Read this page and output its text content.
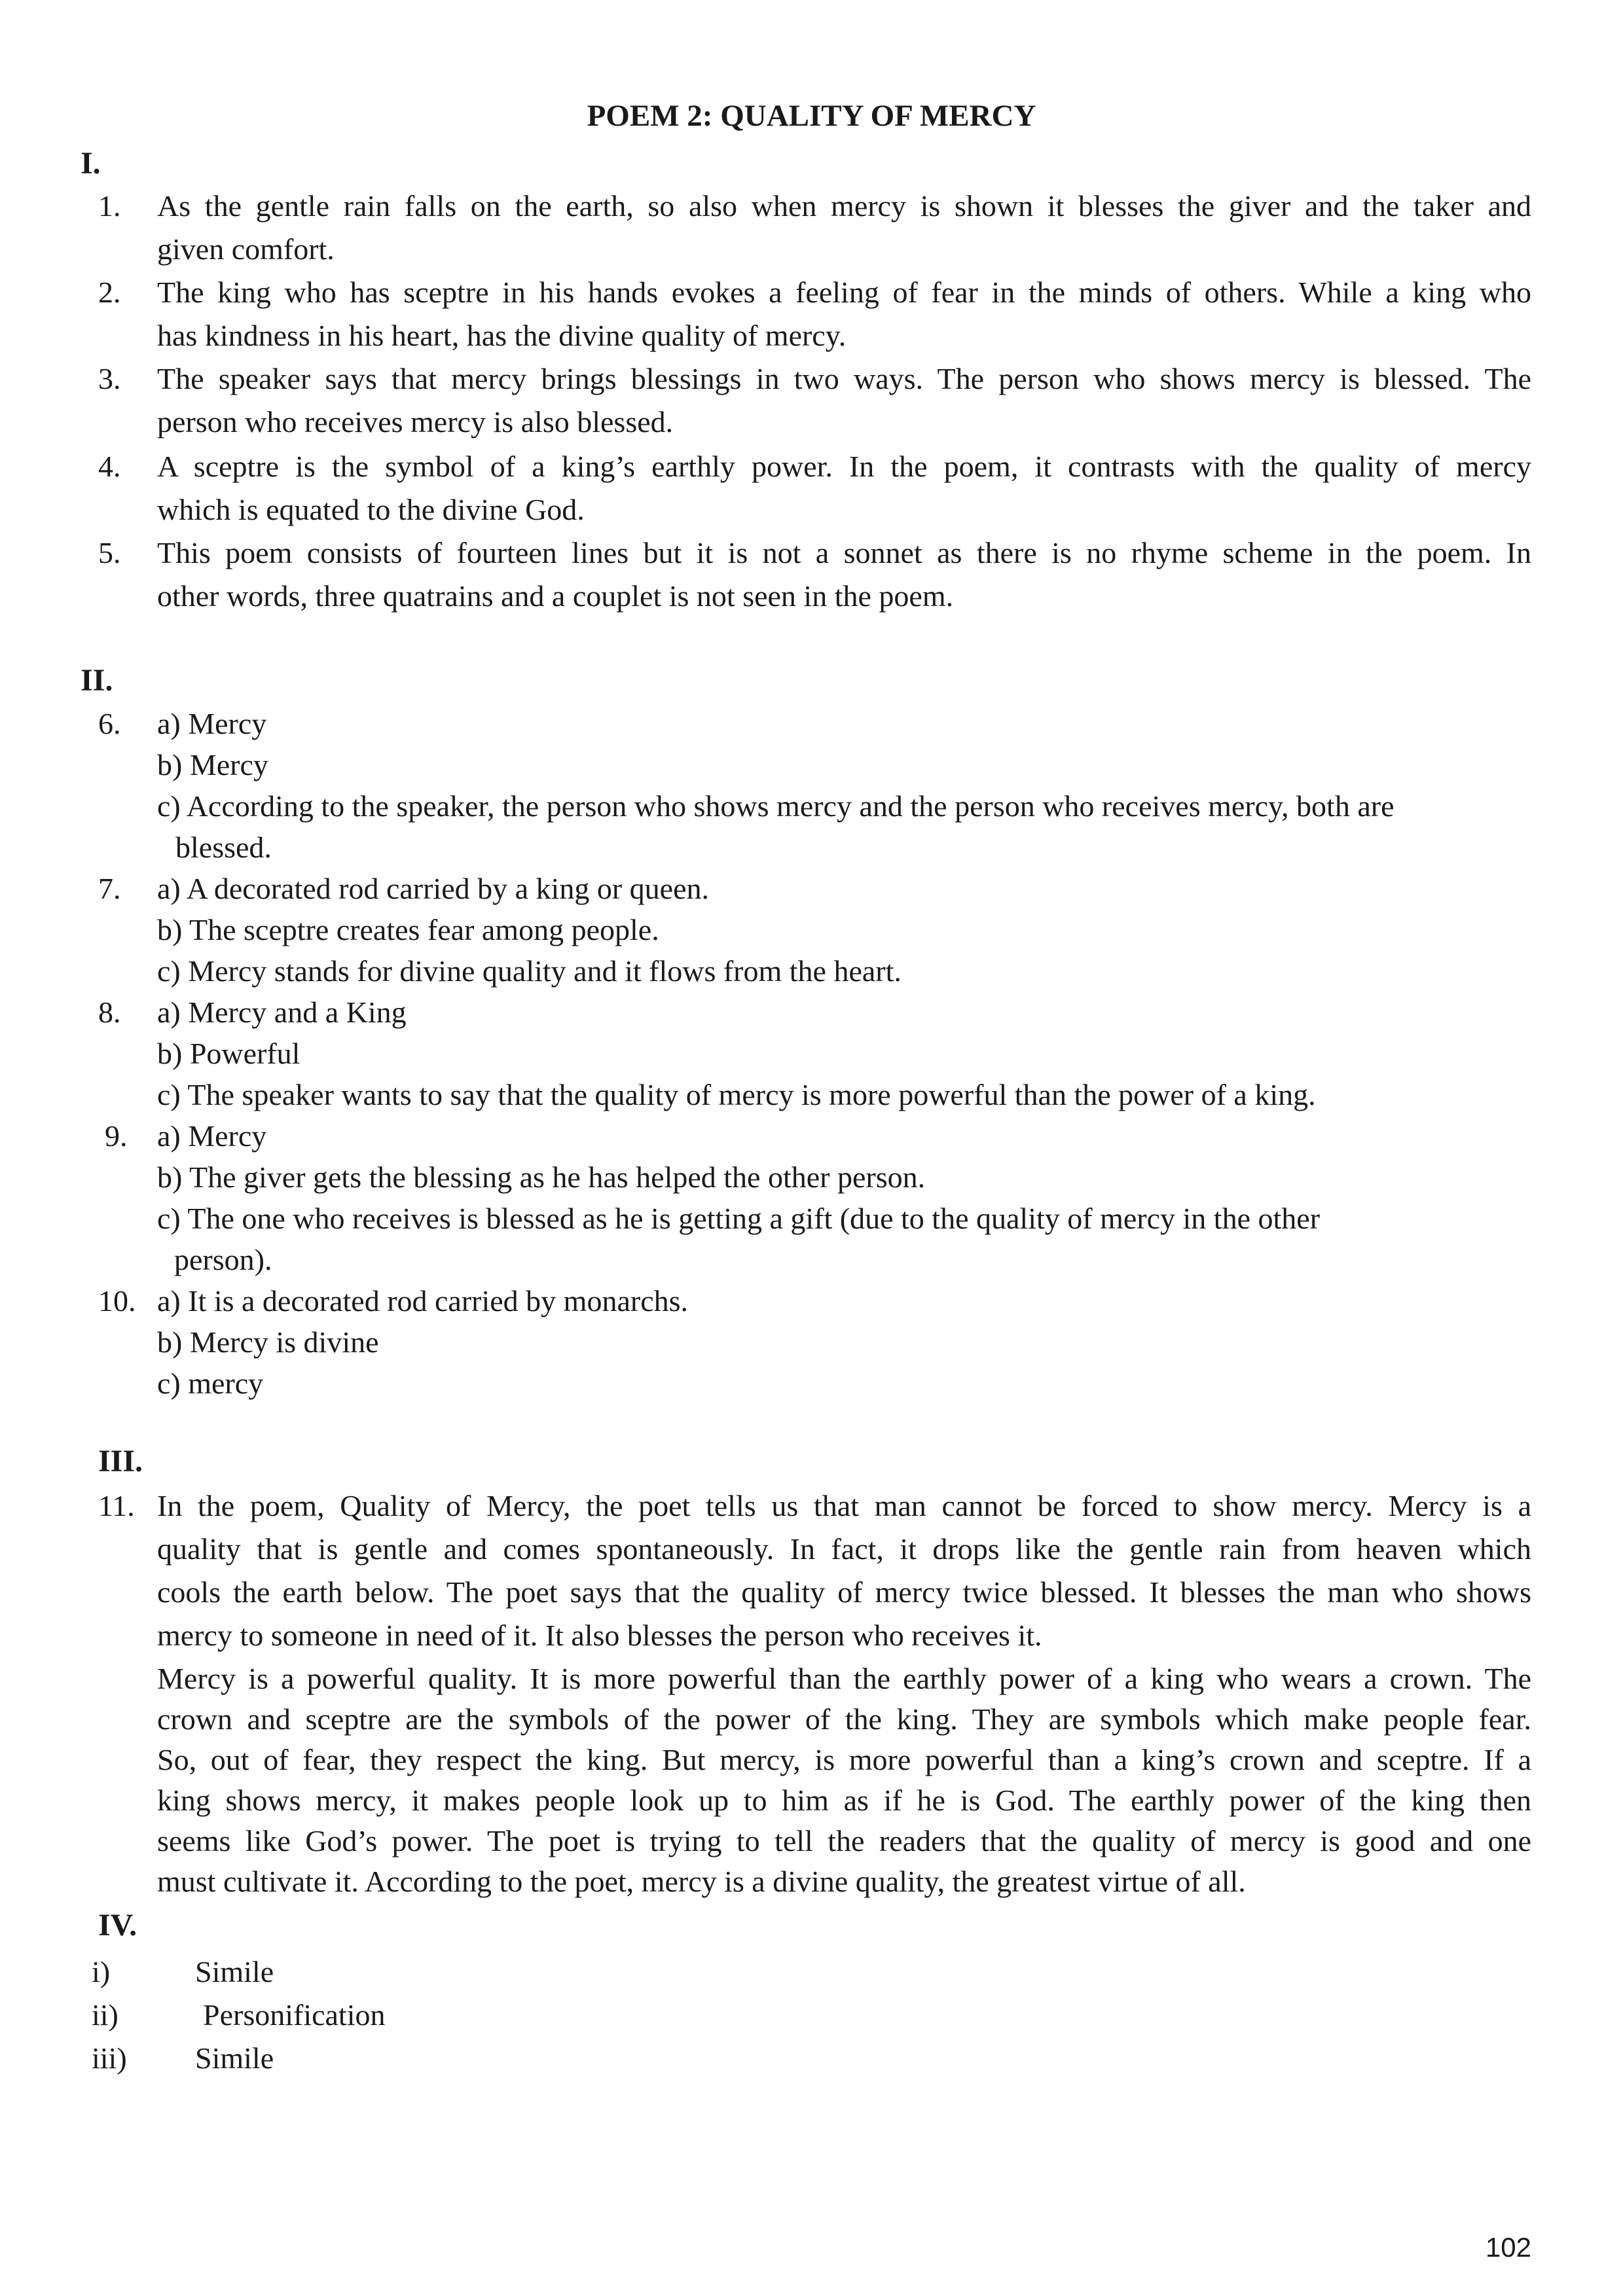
POEM 2: QUALITY OF MERCY
I.
1. As the gentle rain falls on the earth, so also when mercy is shown it blesses the giver and the taker and
given comfort.
2. The king who has sceptre in his hands evokes a feeling of fear in the minds of others. While a king who
has kindness in his heart, has the divine quality of mercy.
3. The speaker says that mercy brings blessings in two ways. The person who shows mercy is blessed. The
person who receives mercy is also blessed.
4. A sceptre is the symbol of a king’s earthly power. In the poem, it contrasts with the quality of mercy
which is equated to the divine God.
5. This poem consists of fourteen lines but it is not a sonnet as there is no rhyme scheme in the poem. In
other words, three quatrains and a couplet is not seen in the poem.
II.
6. a) Mercy
b) Mercy
c) According to the speaker, the person who shows mercy and the person who receives mercy, both are
blessed.
7. a) A decorated rod carried by a king or queen.
b) The sceptre creates fear among people.
c) Mercy stands for divine quality and it flows from the heart.
8. a) Mercy and a King
b) Powerful
c) The speaker wants to say that the quality of mercy is more powerful than the power of a king.
9. a) Mercy
b) The giver gets the blessing as he has helped the other person.
c) The one who receives is blessed as he is getting a gift (due to the quality of mercy in the other
person).
10. a) It is a decorated rod carried by monarchs.
b) Mercy is divine
c) mercy
III.
11. In the poem, Quality of Mercy, the poet tells us that man cannot be forced to show mercy. Mercy is a
quality that is gentle and comes spontaneously. In fact, it drops like the gentle rain from heaven which
cools the earth below. The poet says that the quality of mercy twice blessed. It blesses the man who shows
mercy to someone in need of it. It also blesses the person who receives it.
Mercy is a powerful quality. It is more powerful than the earthly power of a king who wears a crown. The
crown and sceptre are the symbols of the power of the king. They are symbols which make people fear.
So, out of fear, they respect the king. But mercy, is more powerful than a king’s crown and sceptre. If a
king shows mercy, it makes people look up to him as if he is God. The earthly power of the king then
seems like God’s power. The poet is trying to tell the readers that the quality of mercy is good and one
must cultivate it. According to the poet, mercy is a divine quality, the greatest virtue of all.
IV.
i)	Simile
ii)	Personification
iii) Simile
102
